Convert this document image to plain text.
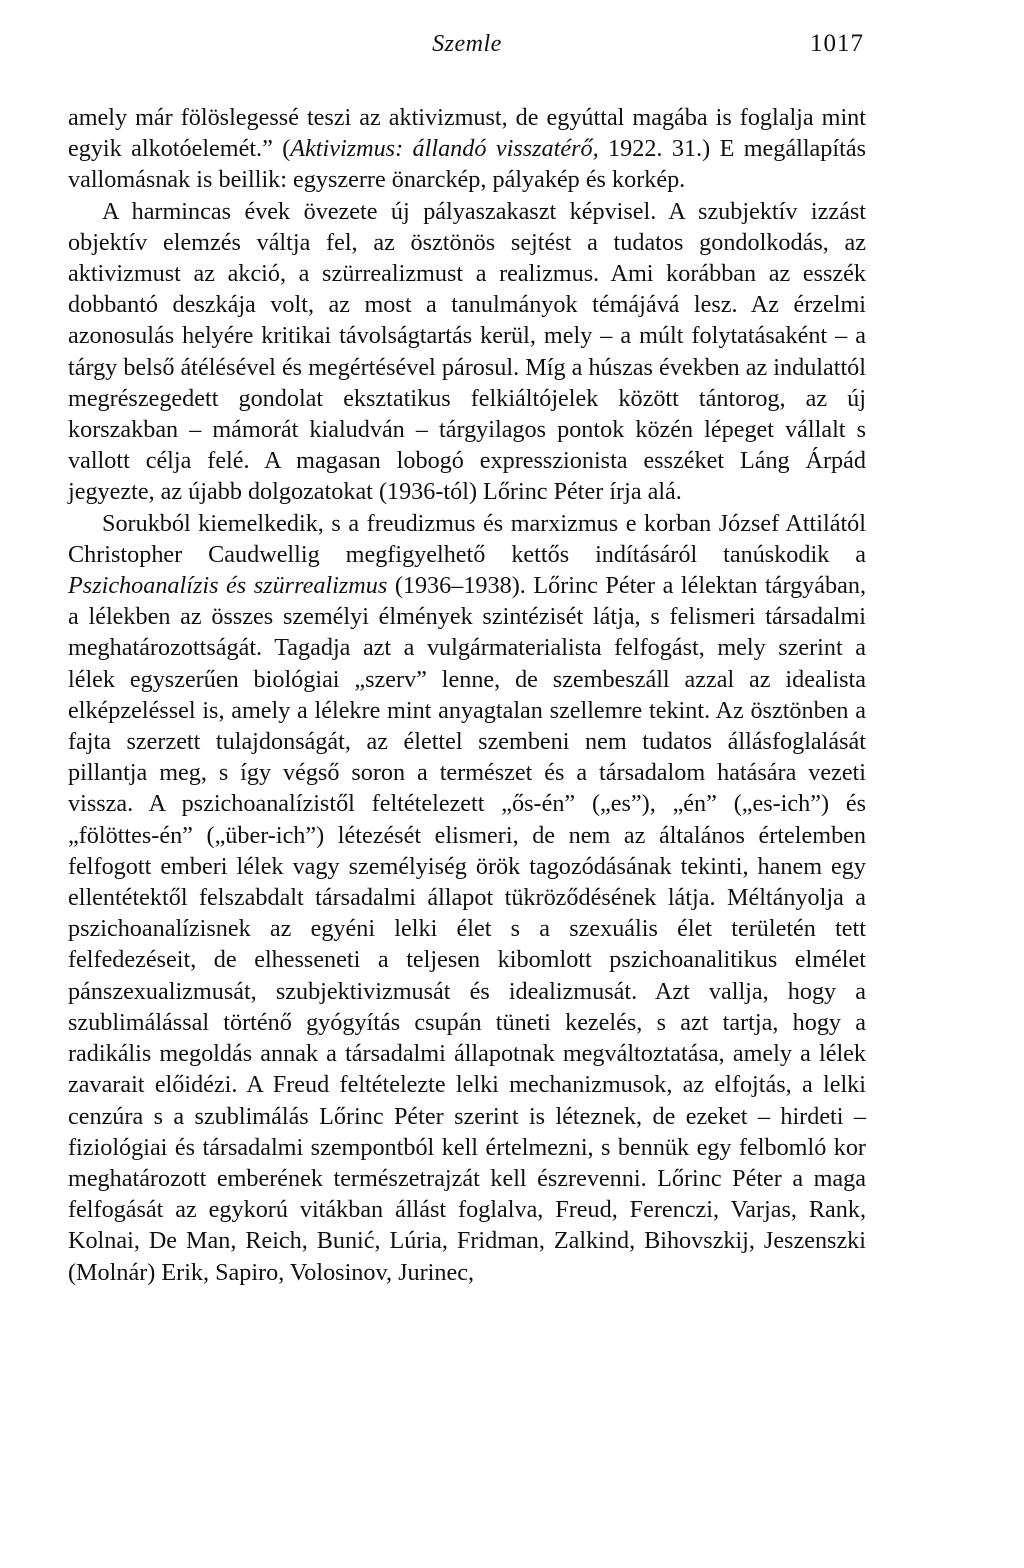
Szemle	1017

amely már fölöslegessé teszi az aktivizmust, de egyúttal magába is foglalja mint egyik alkotóelemét.” (Aktivizmus: állandó visszatérő, 1922. 31.) E megállapítás vallomásnak is beillik: egyszerre önarckép, pályakép és korkép.

A harmincas évek övezete új pályaszakaszt képvisel. A szubjektív izzást objektív elemzés váltja fel, az ösztönös sejtést a tudatos gondolkodás, az aktivizmust az akció, a szürrealizmust a realizmus. Ami korábban az esszék dobbantó deszkája volt, az most a tanulmányok témájává lesz. Az érzelmi azonosulás helyére kritikai távolságtartás kerül, mely – a múlt folytatásaként – a tárgy belső átélésével és megértésével párosul. Míg a húszas években az indulattól megrészegedett gondolat eksztatikus felkiáltójelek között tántorog, az új korszakban – mámorát kialudván – tárgyilagos pontok közén lépeget vállalt s vallott célja felé. A magasan lobogó expresszionista esszéket Láng Árpád jegyezte, az újabb dolgozatokat (1936-tól) Lőrinc Péter írja alá.

Sorukból kiemelkedik, s a freudizmus és marxizmus e korban József Attilától Christopher Caudwellig megfigyelhető kettős indításáról tanúskodik a Pszichoanalízis és szürrealizmus (1936–1938). Lőrinc Péter a lélektan tárgyában, a lélekben az összes személyi élmények szintézisét látja, s felismeri társadalmi meghatározottságát. Tagadja azt a vulgármaterialista felfogást, mely szerint a lélek egyszerűen biológiai „szerv” lenne, de szembeszáll azzal az idealista elképzeléssel is, amely a lélekre mint anyagtalan szellemre tekint. Az ösztönben a fajta szerzett tulajdonságát, az élettel szembeni nem tudatos állásfoglalását pillantja meg, s így végső soron a természet és a társadalom hatására vezeti vissza. A pszichoanalízistől feltételezett „ős-én” („es”), „én” („es-ich”) és „fölöttes-én” („über-ich”) létezését elismeri, de nem az általános értelemben felfogott emberi lélek vagy személyiség örök tagozódásának tekinti, hanem egy ellentétektől felszabdalt társadalmi állapot tükröződésének látja. Méltányolja a pszichoanalízisnek az egyéni lelki élet s a szexuális élet területén tett felfedezéseit, de elhesseneti a teljesen kibomlott pszichoanalitikus elmélet pánszexualizmusát, szubjektivizmusát és idealizmusát. Azt vallja, hogy a szublimálással történő gyógyítás csupán tüneti kezelés, s azt tartja, hogy a radikális megoldás annak a társadalmi állapotnak megváltoztatása, amely a lélek zavarait előidézi. A Freud feltételezte lelki mechanizmusok, az elfojtás, a lelki cenzúra s a szublimálás Lőrinc Péter szerint is léteznek, de ezeket – hirdeti – fiziológiai és társadalmi szempontból kell értelmezni, s bennük egy felbomló kor meghatározott emberének természetrajzát kell észrevenni. Lőrinc Péter a maga felfogását az egykorú vitákban állást foglalva, Freud, Ferenczi, Varjas, Rank, Kolnai, De Man, Reich, Bunić, Lúria, Fridman, Zalkind, Bihovszkij, Jeszenszki (Molnár) Erik, Sapiro, Volosinov, Jurinec,
